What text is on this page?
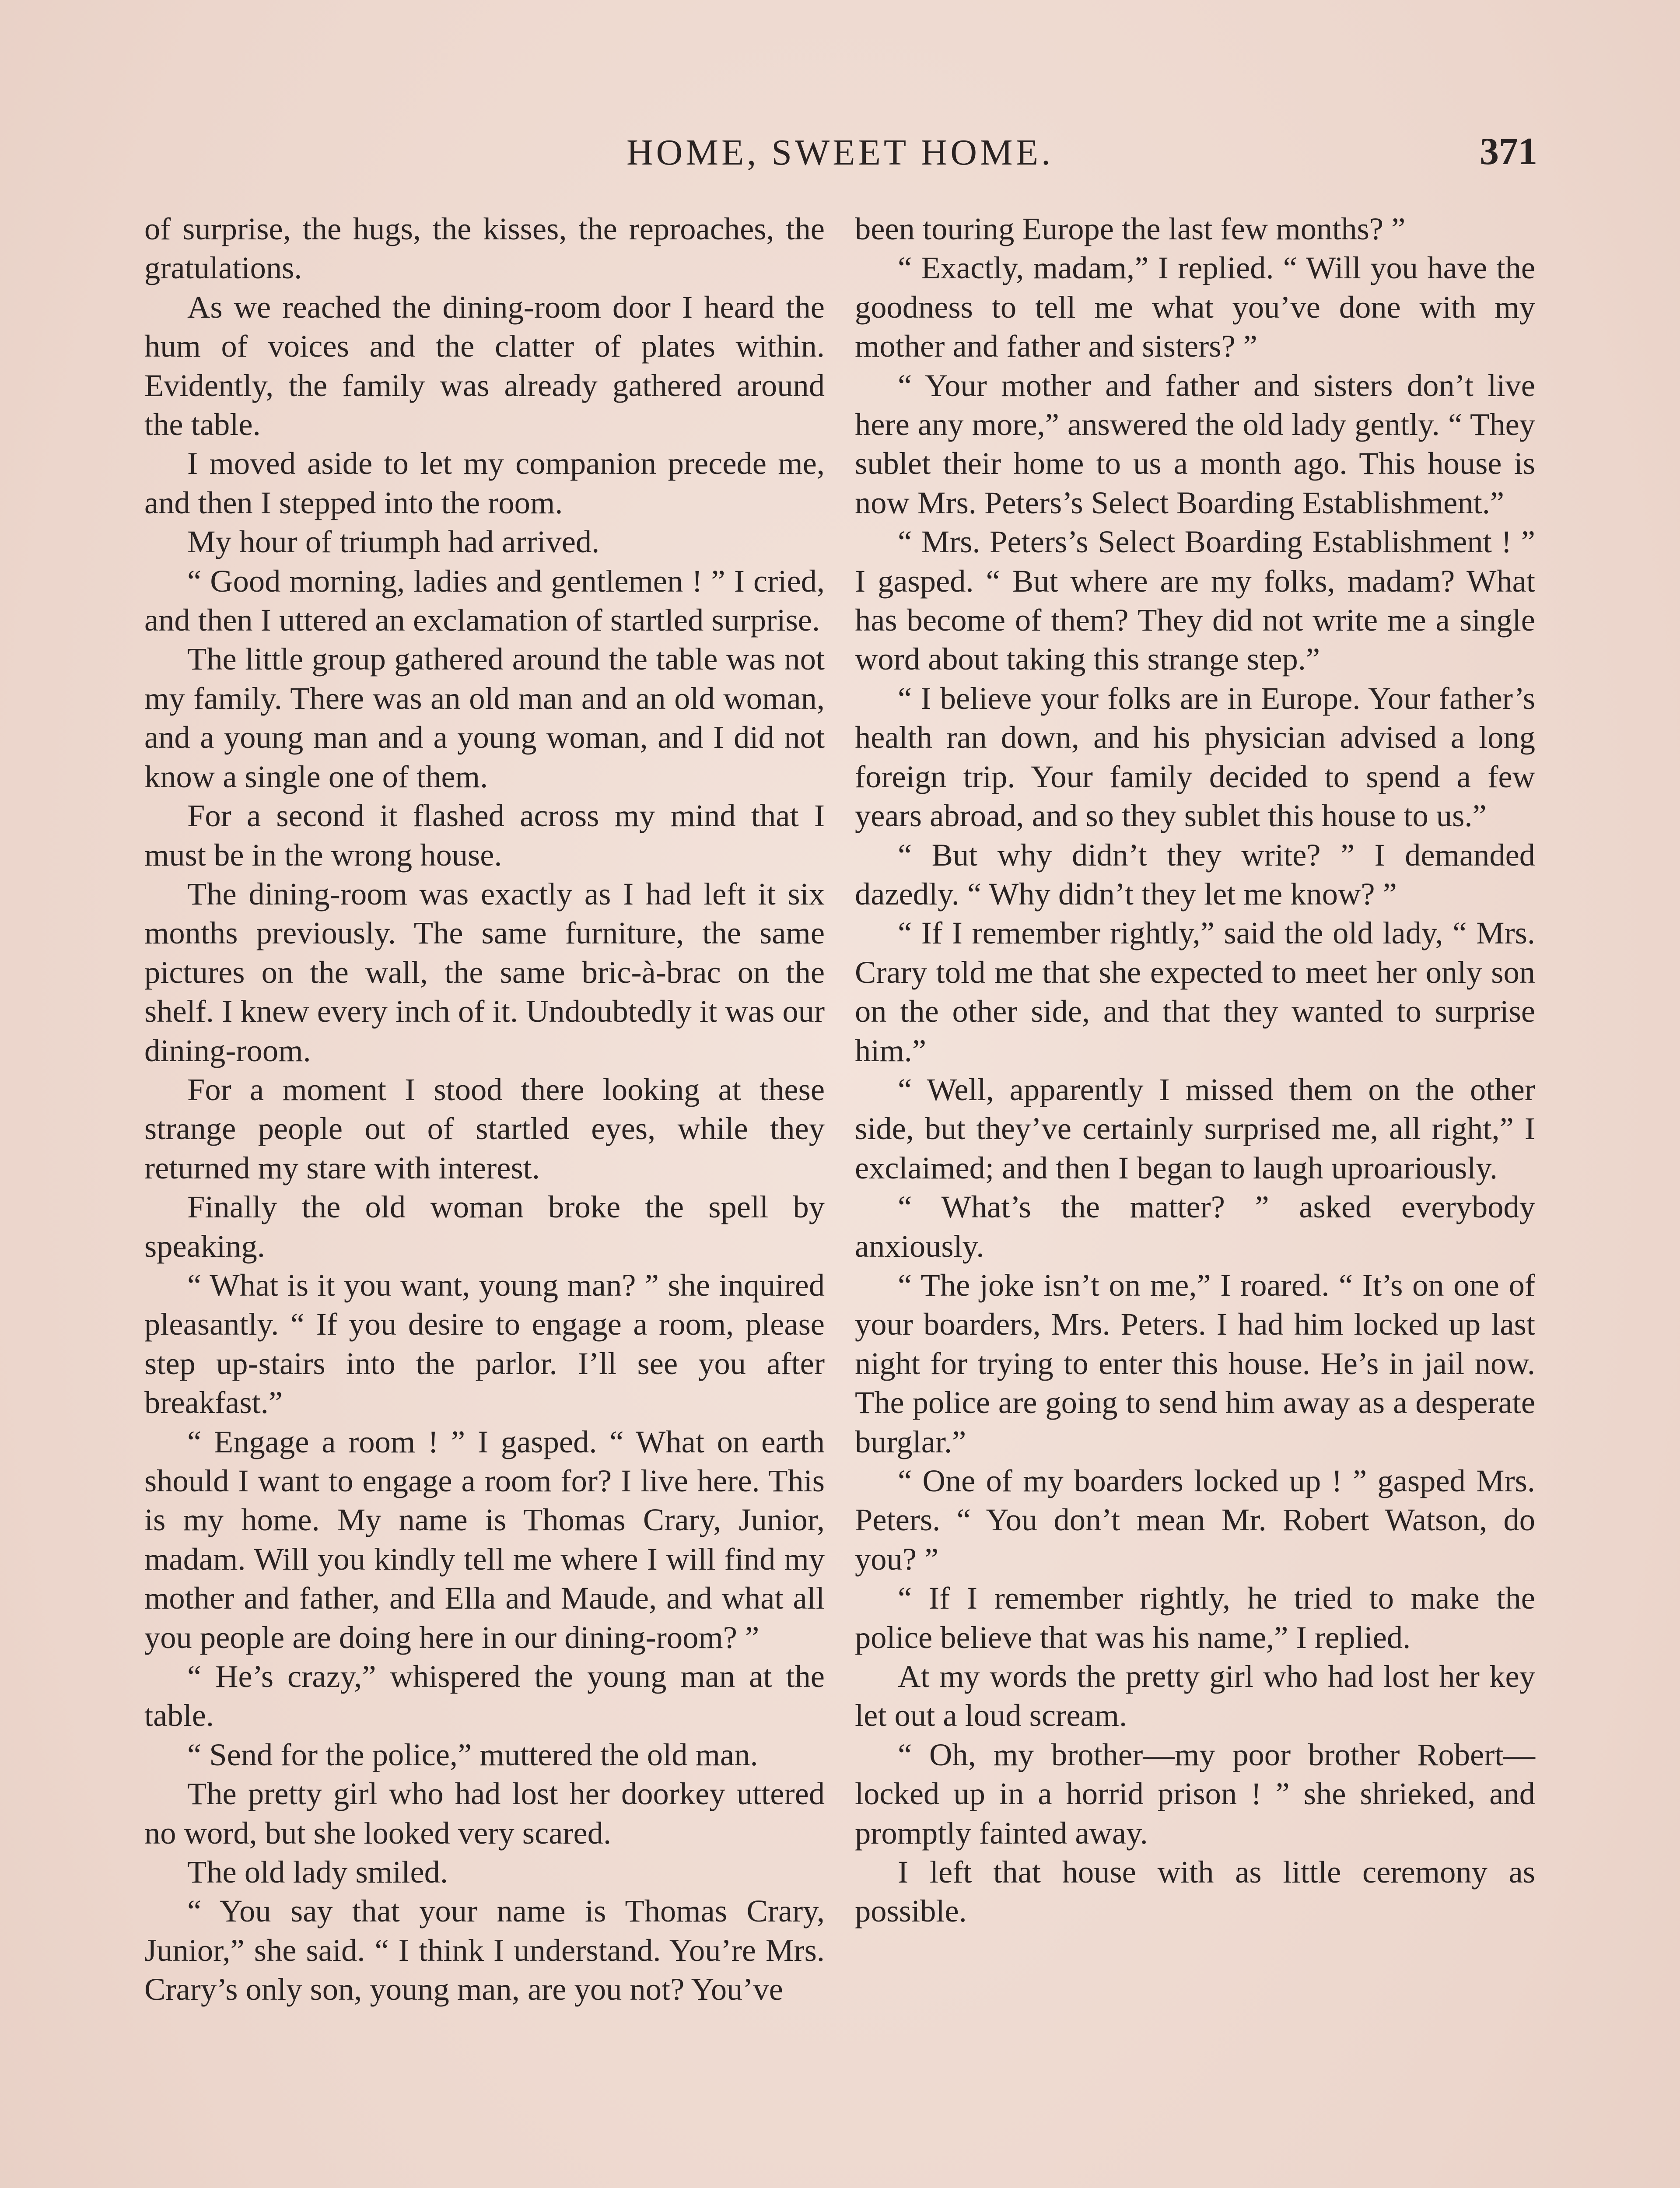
HOME, SWEET HOME.	371

of surprise, the hugs, the kisses, the reproaches, the gratulations.

As we reached the dining-room door I heard the hum of voices and the clatter of plates within. Evidently, the family was already gathered around the table.

I moved aside to let my companion precede me, and then I stepped into the room.

My hour of triumph had arrived.

“ Good morning, ladies and gentlemen ! ” I cried, and then I uttered an exclamation of startled surprise.

The little group gathered around the table was not my family. There was an old man and an old woman, and a young man and a young woman, and I did not know a single one of them.

For a second it flashed across my mind that I must be in the wrong house.

The dining-room was exactly as I had left it six months previously. The same furniture, the same pictures on the wall, the same bric-à-brac on the shelf. I knew every inch of it. Undoubtedly it was our dining-room.

For a moment I stood there looking at these strange people out of startled eyes, while they returned my stare with interest.

Finally the old woman broke the spell by speaking.

“ What is it you want, young man? ” she inquired pleasantly. “ If you desire to engage a room, please step up-stairs into the parlor. I’ll see you after breakfast.”

“ Engage a room ! ” I gasped. “ What on earth should I want to engage a room for? I live here. This is my home. My name is Thomas Crary, Junior, madam. Will you kindly tell me where I will find my mother and father, and Ella and Maude, and what all you people are doing here in our dining-room? ”

“ He’s crazy,” whispered the young man at the table.

“ Send for the police,” muttered the old man.

The pretty girl who had lost her doorkey uttered no word, but she looked very scared.

The old lady smiled.

“ You say that your name is Thomas Crary, Junior,” she said. “ I think I understand. You’re Mrs. Crary’s only son, young man, are you not? You’ve

been touring Europe the last few months? ”

“ Exactly, madam,” I replied. “ Will you have the goodness to tell me what you’ve done with my mother and father and sisters? ”

“ Your mother and father and sisters don’t live here any more,” answered the old lady gently. “ They sublet their home to us a month ago. This house is now Mrs. Peters’s Select Boarding Establishment.”

“ Mrs. Peters’s Select Boarding Establishment ! ” I gasped. “ But where are my folks, madam? What has become of them? They did not write me a single word about taking this strange step.”

“ I believe your folks are in Europe. Your father’s health ran down, and his physician advised a long foreign trip. Your family decided to spend a few years abroad, and so they sublet this house to us.”

“ But why didn’t they write? ” I demanded dazedly. “ Why didn’t they let me know? ”

“ If I remember rightly,” said the old lady, “ Mrs. Crary told me that she expected to meet her only son on the other side, and that they wanted to surprise him.”

“ Well, apparently I missed them on the other side, but they’ve certainly surprised me, all right,” I exclaimed; and then I began to laugh uproariously.

“ What’s the matter? ” asked everybody anxiously.

“ The joke isn’t on me,” I roared. “ It’s on one of your boarders, Mrs. Peters. I had him locked up last night for trying to enter this house. He’s in jail now. The police are going to send him away as a desperate burglar.”

“ One of my boarders locked up ! ” gasped Mrs. Peters. “ You don’t mean Mr. Robert Watson, do you? ”

“ If I remember rightly, he tried to make the police believe that was his name,” I replied.

At my words the pretty girl who had lost her key let out a loud scream.

“ Oh, my brother—my poor brother Robert—locked up in a horrid prison ! ” she shrieked, and promptly fainted away.

I left that house with as little ceremony as possible.
